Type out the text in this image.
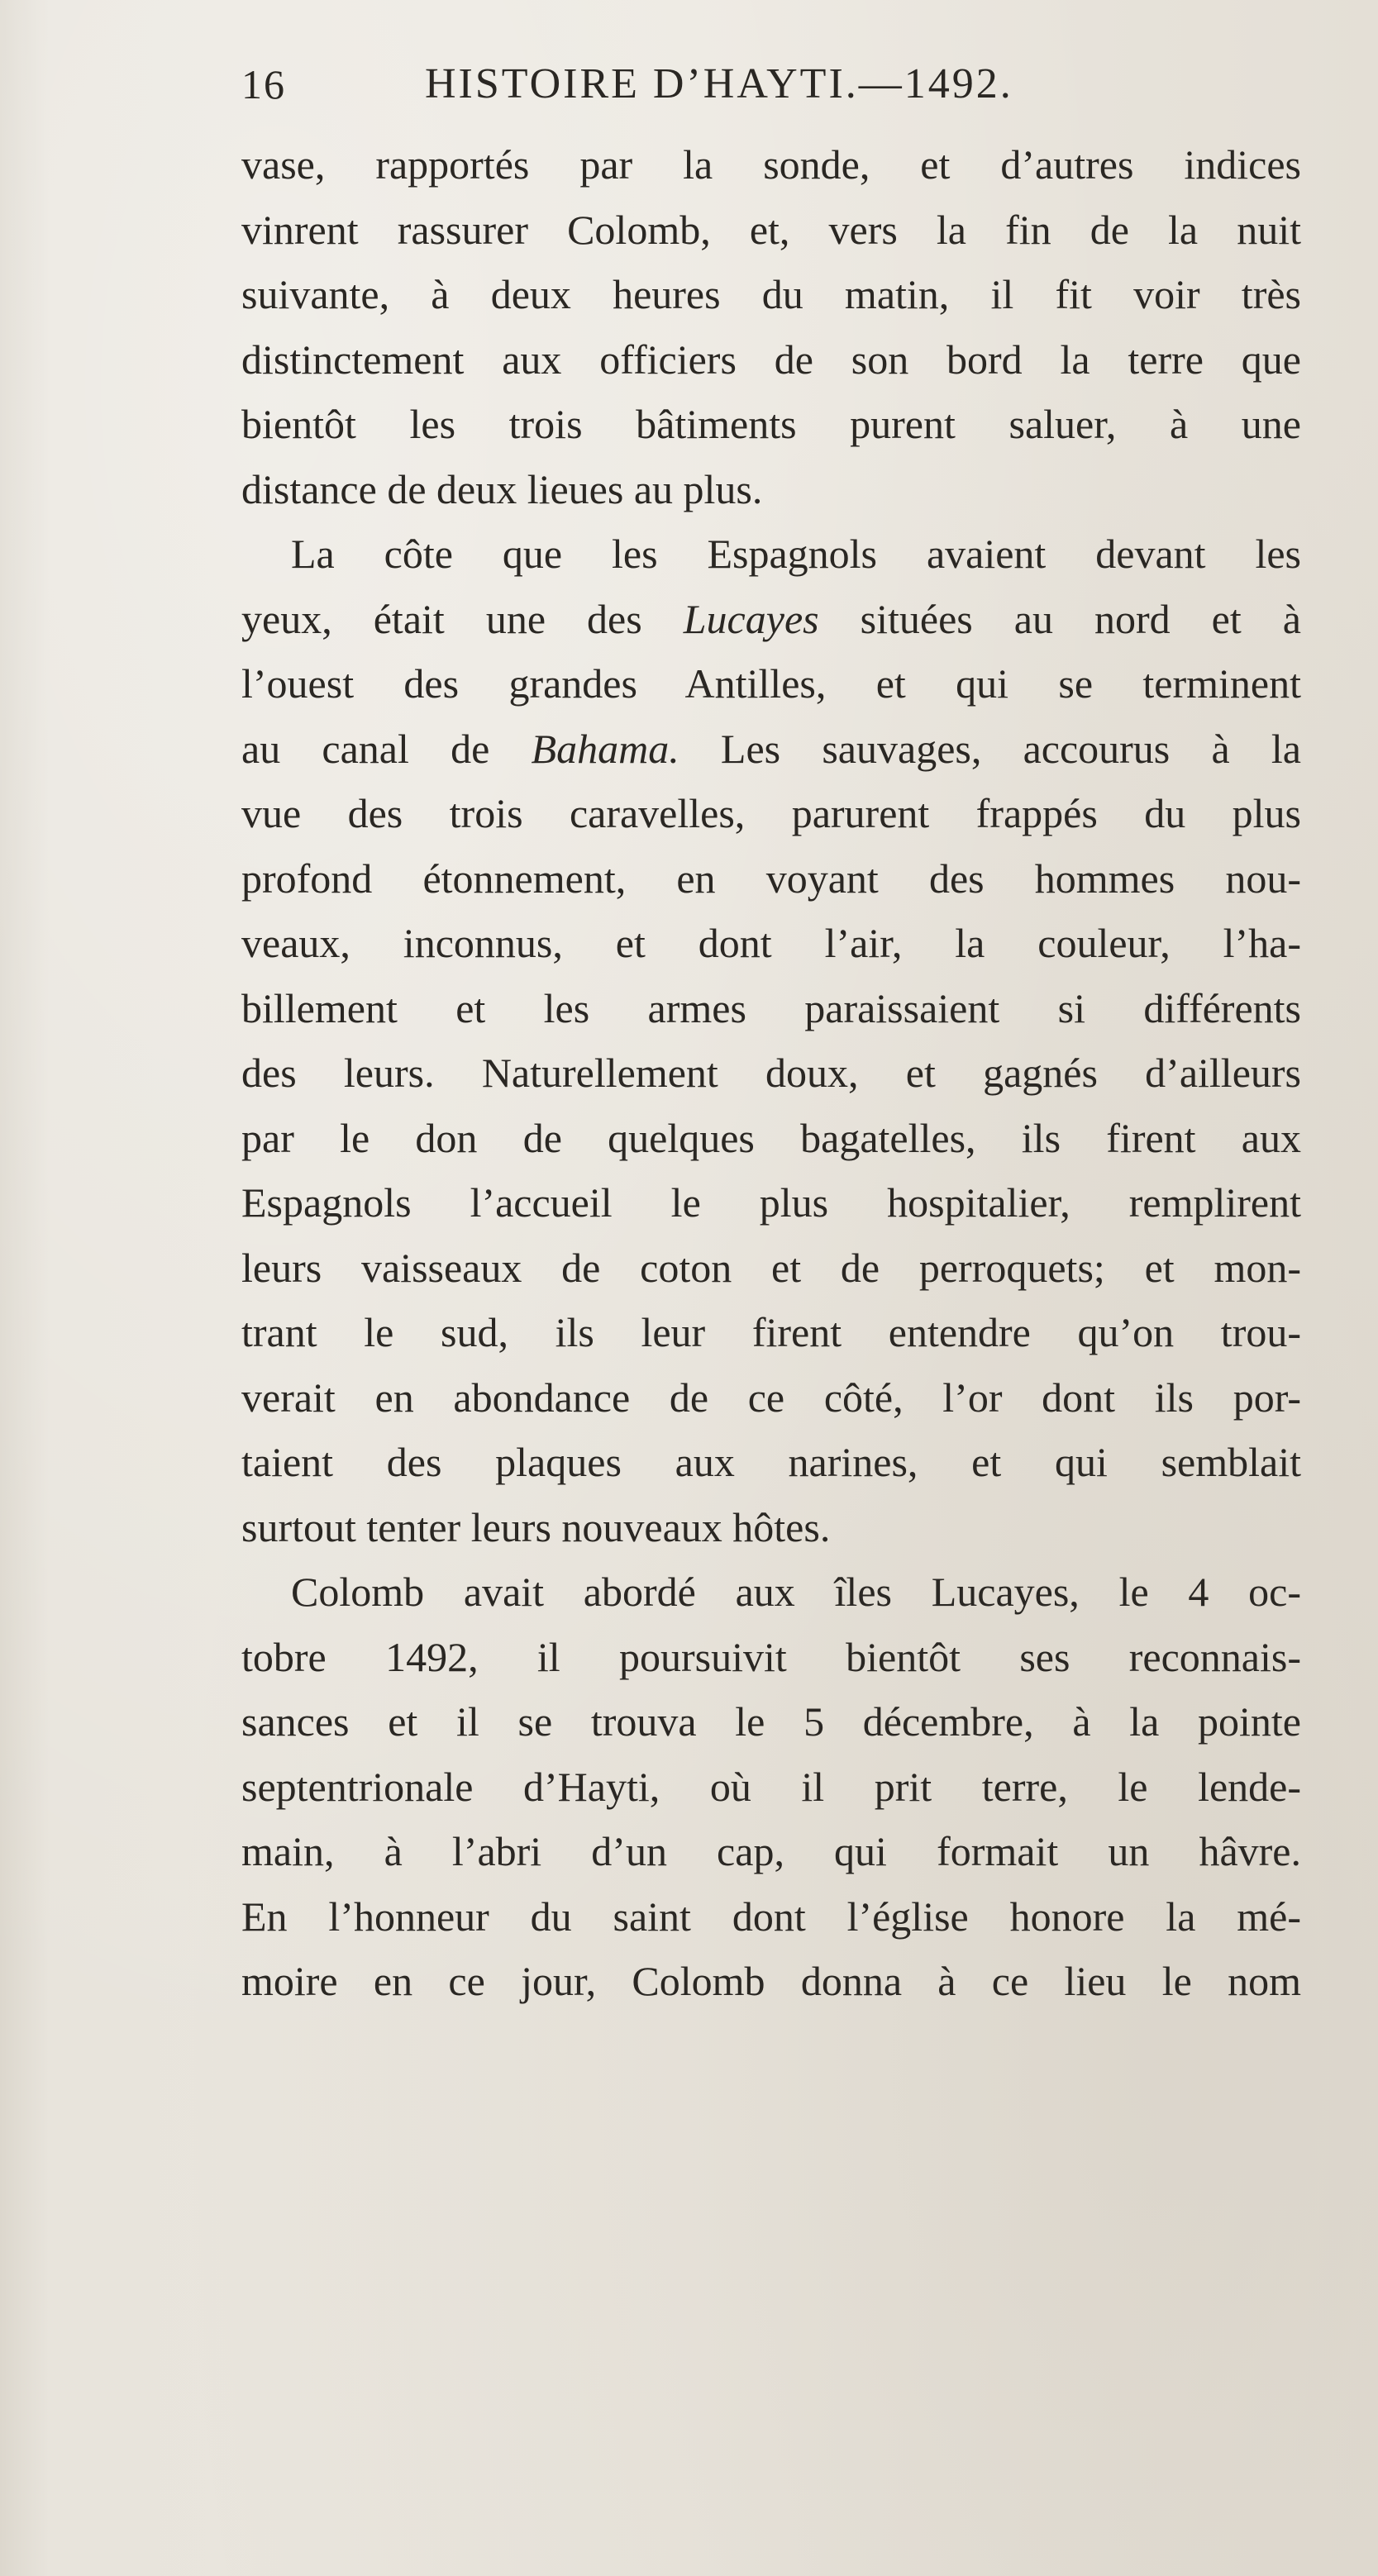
16	HISTOIRE D’HAYTI.—1492.
vase, rapportés par la sonde, et d’autres indices
vinrent rassurer Colomb, et, vers la fin de la nuit
suivante, à deux heures du matin, il fit voir très
distinctement aux officiers de son bord la terre que
bientôt les trois bâtiments purent saluer, à une
distance de deux lieues au plus.
La côte que les Espagnols avaient devant les
yeux, était une des Lucayes situées au nord et à
l’ouest des grandes Antilles, et qui se terminent
au canal de Bahama. Les sauvages, accourus à la
vue des trois caravelles, parurent frappés du plus
profond étonnement, en voyant des hommes nou-
veaux, inconnus, et dont l’air, la couleur, l’ha-
billement et les armes paraissaient si différents
des leurs. Naturellement doux, et gagnés d’ailleurs
par le don de quelques bagatelles, ils firent aux
Espagnols l’accueil le plus hospitalier, remplirent
leurs vaisseaux de coton et de perroquets; et mon-
trant le sud, ils leur firent entendre qu’on trou-
verait en abondance de ce côté, l’or dont ils por-
taient des plaques aux narines, et qui semblait
surtout tenter leurs nouveaux hôtes.
Colomb avait abordé aux îles Lucayes, le 4 oc-
tobre 1492, il poursuivit bientôt ses reconnais-
sances et il se trouva le 5 décembre, à la pointe
septentrionale d’Hayti, où il prit terre, le lende-
main, à l’abri d’un cap, qui formait un hâvre.
En l’honneur du saint dont l’église honore la mé-
moire en ce jour, Colomb donna à ce lieu le nom
